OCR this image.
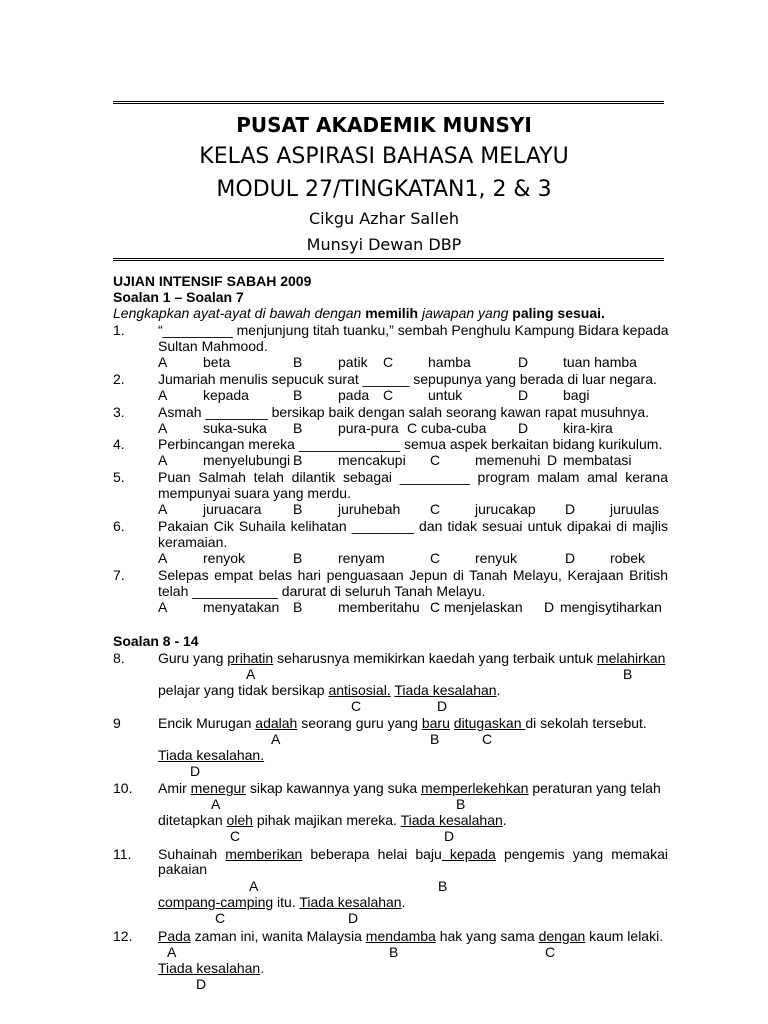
PUSAT AKADEMIK MUNSYI
KELAS ASPIRASI BAHASA MELAYU
MODUL 27/TINGKATAN1, 2 & 3
Cikgu Azhar Salleh
Munsyi Dewan DBP
UJIAN INTENSIF SABAH 2009
Soalan 1 – Soalan 7
Lengkapkan ayat-ayat di bawah dengan memilih jawapan yang paling sesuai.
1. “_________ menjunjung titah tuanku,” sembah Penghulu Kampung Bidara kepada
Sultan Mahmood.
A	beta	B	patik C hamba	D tuan hamba
2. Jumariah menulis sepucuk surat ______ sepupunya yang berada di luar negara.
A	kepada	B	pada C untuk	D bagi
3. Asmah ________ bersikap baik dengan salah seorang kawan rapat musuhnya.
A	suka-suka B	pura-pura C cuba-cuba D kira-kira
4. Perbincangan mereka _____________ semua aspek berkaitan bidang kurikulum.
A	menyelubungi B	mencakupi C memenuhi D membatasi
5. Puan Salmah telah dilantik sebagai _________ program malam amal kerana
mempunyai suara yang merdu.
A	juruacara B	juruhebah C jurucakap D juruulas
6. Pakaian Cik Suhaila kelihatan ________ dan tidak sesuai untuk dipakai di majlis
keramaian.
A	renyok	B	renyam	C renyuk	D robek
7. Selepas empat belas hari penguasaan Jepun di Tanah Melayu, Kerajaan British
telah ___________ darurat di seluruh Tanah Melayu.
A	menyatakan B	memberitahu C menjelaskan D mengisytiharkan
Soalan 8 - 14
8. Guru yang prihatin seharusnya memikirkan kaedah yang terbaik untuk melahirkan
A	B
pelajar yang tidak bersikap antisosial. Tiada kesalahan.
C	D
9	Encik Murugan adalah seorang guru yang baru ditugaskan di sekolah tersebut.
A	B	C
Tiada kesalahan.
D
10. Amir menegur sikap kawannya yang suka memperlekehkan peraturan yang telah
A	B
ditetapkan oleh pihak majikan mereka. Tiada kesalahan.
C	D
11. Suhainah memberikan beberapa helai baju kepada pengemis yang memakai
pakaian
A	B
compang-camping itu. Tiada kesalahan.
C	D
12. Pada zaman ini, wanita Malaysia mendamba hak yang sama dengan kaum lelaki.
A	B	C
Tiada kesalahan.
D
